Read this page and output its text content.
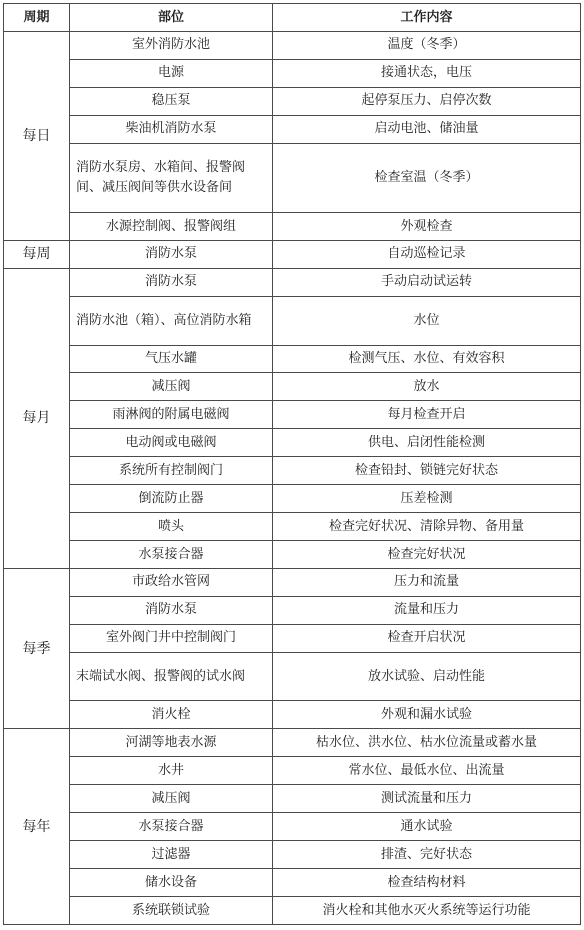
周期	部位	工作内容
每日	室外消防水池	温度（冬季）
	电源	接通状态，电压
	稳压泵	起停泵压力、启停次数
	柴油机消防水泵	启动电池、储油量
	消防水泵房、水箱间、报警阀间、减压阀间等供水设备间	检查室温（冬季）
	水源控制阀、报警阀组	外观检查
每周	消防水泵	自动巡检记录
每月	消防水泵	手动启动试运转
	消防水池（箱）、高位消防水箱	水位
	气压水罐	检测气压、水位、有效容积
	减压阀	放水
	雨淋阀的附属电磁阀	每月检查开启
	电动阀或电磁阀	供电、启闭性能检测
	系统所有控制阀门	检查铅封、锁链完好状态
	倒流防止器	压差检测
	喷头	检查完好状况、清除异物、备用量
	水泵接合器	检查完好状况
每季	市政给水管网	压力和流量
	消防水泵	流量和压力
	室外阀门井中控制阀门	检查开启状况
	末端试水阀、报警阀的试水阀	放水试验、启动性能
	消火栓	外观和漏水试验
每年	河湖等地表水源	枯水位、洪水位、枯水位流量或蓄水量
	水井	常水位、最低水位、出流量
	减压阀	测试流量和压力
	水泵接合器	通水试验
	过滤器	排渣、完好状态
	储水设备	检查结构材料
	系统联锁试验	消火栓和其他水灭火系统等运行功能
